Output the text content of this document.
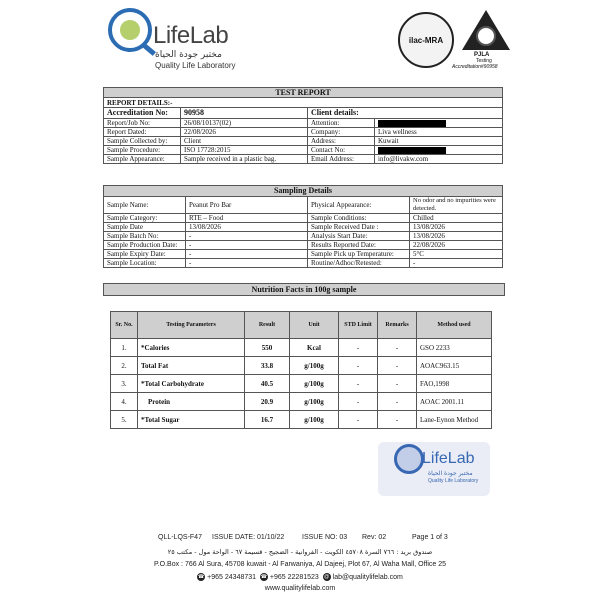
LifeLab
مختبر جودة الحياة
Quality Life Laboratory
ilac-MRA
PJLA
Testing
Accreditation#90958
TEST REPORT			
REPORT DETAILS:-			
Accreditation No:	90958	Client details:	
Report/Job No:	26/08/10137(02)	Attention:	

Report Dated:	22/08/2026	Company:	Liva wellness
Sample Collected by:	Client	Address:	Kuwait
Sample Procedure:	ISO 17728:2015	Contact No:	

Sample Appearance:	Sample received in a plastic bag.	Email Address:	info@livakw.com
Sampling Details			
Sample Name:	Peanut Pro Bar	Physical Appearance:	No odor and no impurities were detected.
Sample Category:	RTE – Food	Sample Conditions:	Chilled
Sample Date	13/08/2026	Sample Received Date :	13/08/2026
Sample Batch No:	-	Analysis Start Date:	13/08/2026
Sample Production Date:	-	Results Reported Date:	22/08/2026
Sample Expiry Date:	-	Sample Pick up Temperature:	5°C
Sample Location:	-	Routine/Adhoc/Retested:	-
Nutrition Facts in 100g sample
Sr. No.	Testing Parameters	Result	Unit	STD Limit	Remarks	Method used
1.	*Calories	550	Kcal	-	-	GSO 2233
2.	Total Fat	33.8	g/100g	-	-	AOAC963.15
3.	*Total Carbohydrate	40.5	g/100g	-	-	FAO,1998
4.	Protein	20.9	g/100g	-	-	AOAC 2001.11
5.	*Total Sugar	16.7	g/100g	-	-	Lane-Eynon Method
LifeLab
مختبر جودة الحياة
Quality Life Laboratory
QLL-LQS-F47 ISSUE DATE: 01/10/22	ISSUE NO: 03 Rev: 02	Page 1 of 3
صندوق بريد : ٧٦٦ السرة ٤٥٧٠٨ الكويت - الفروانية - الضجيج - قسيمة ٦٧ - الواحة مول - مكتب ٢٥
P.O.Box : 766 Al Sura, 45708 kuwait - Al Farwaniya, Al Dajeej, Plot 67, Al Waha Mall, Office 25
☎ +965 24348731 ☎ +965 22281523 @ lab@qualitylifelab.com
www.qualitylifelab.com
